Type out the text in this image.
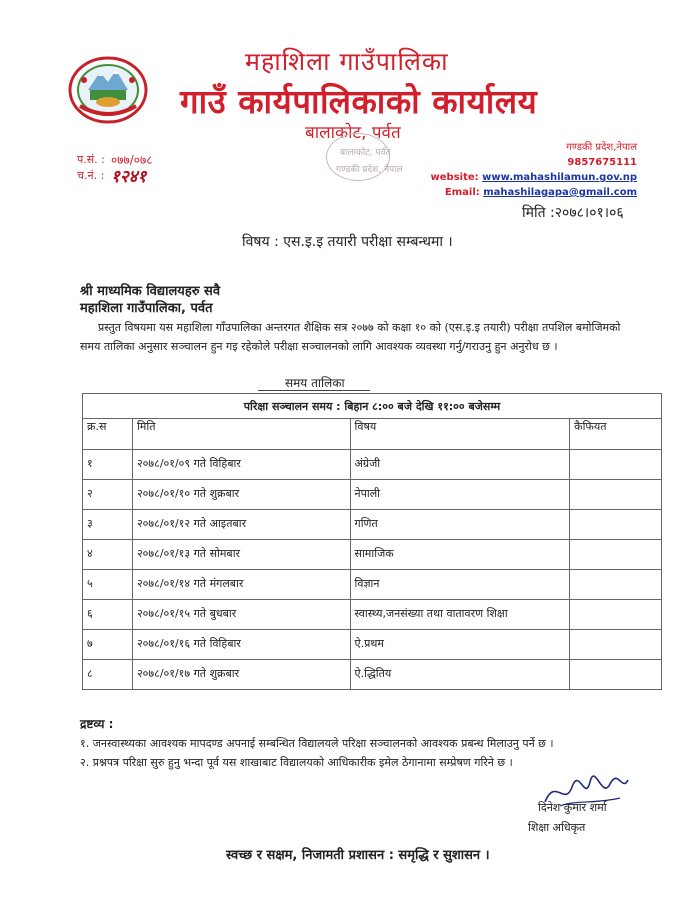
महाशिला गाउँपालिका
गाउँ कार्यपालिकाको कार्यालय
बालाकोट, पर्वत
बालाकोट, पर्वत
गण्डकी प्रदेश, नेपाल
प.सं. : ०७७/०७८
च.नं. : १२४१
गण्डकी प्रदेश,नेपाल
9857675111
website: www.mahashilamun.gov.np
Email: mahashilagapa@gmail.com
मिति :२०७८।०१।०६
विषय : एस.इ.इ तयारी परीक्षा सम्बन्धमा ।
श्री माध्यमिक विद्यालयहरु सवै
महाशिला गाउँपालिका, पर्वत
प्रस्तुत विषयमा यस महाशिला गाँउपालिका अन्तरगत शैक्षिक सत्र २०७७ को कक्षा १० को (एस.इ.इ तयारी) परीक्षा तपशिल बमोजिमको समय तालिका अनुसार सञ्चालन हुन गइ रहेकोले परीक्षा सञ्चालनको लागि आवश्यक व्यवस्था गर्नु/गराउनु हुन अनुरोध छ ।
समय तालिका
परिक्षा सञ्चालन समय : बिहान ८:०० बजे देखि ११:०० बजेसम्म			
क्र.स	मिति	विषय	कैफियत
१	२०७८/०१/०९ गते विहिबार	अंग्रेजी	
२	२०७८/०१/१० गते शुक्रबार	नेपाली	
३	२०७८/०१/१२ गते आइतबार	गणित	
४	२०७८/०१/१३ गते सोमबार	सामाजिक	
५	२०७८/०१/१४ गते मंगलबार	विज्ञान	
६	२०७८/०१/१५ गते बुधबार	स्वास्थ्य,जनसंख्या तथा वातावरण शिक्षा	
७	२०७८/०१/१६ गते विहिबार	ऐ.प्रथम	
८	२०७८/०१/१७ गते शुक्रबार	ऐ.द्धितिय	
द्रष्टव्य :
१. जनस्वास्थ्यका आवश्यक मापदण्ड अपनाई सम्बन्धित विद्यालयले परिक्षा सञ्चालनको आवश्यक प्रबन्ध मिलाउनु पर्ने छ ।
२. प्रश्नपत्र परिक्षा सुरु हुनु भन्दा पूर्व यस शाखाबाट विद्यालयको आधिकारीक इमेल ठेगानामा सम्प्रेषण गरिने छ ।
दिनेश कुमार शर्मा
शिक्षा अधिकृत
स्वच्छ र सक्षम, निजामती प्रशासन : समृद्धि र सुशासन ।
